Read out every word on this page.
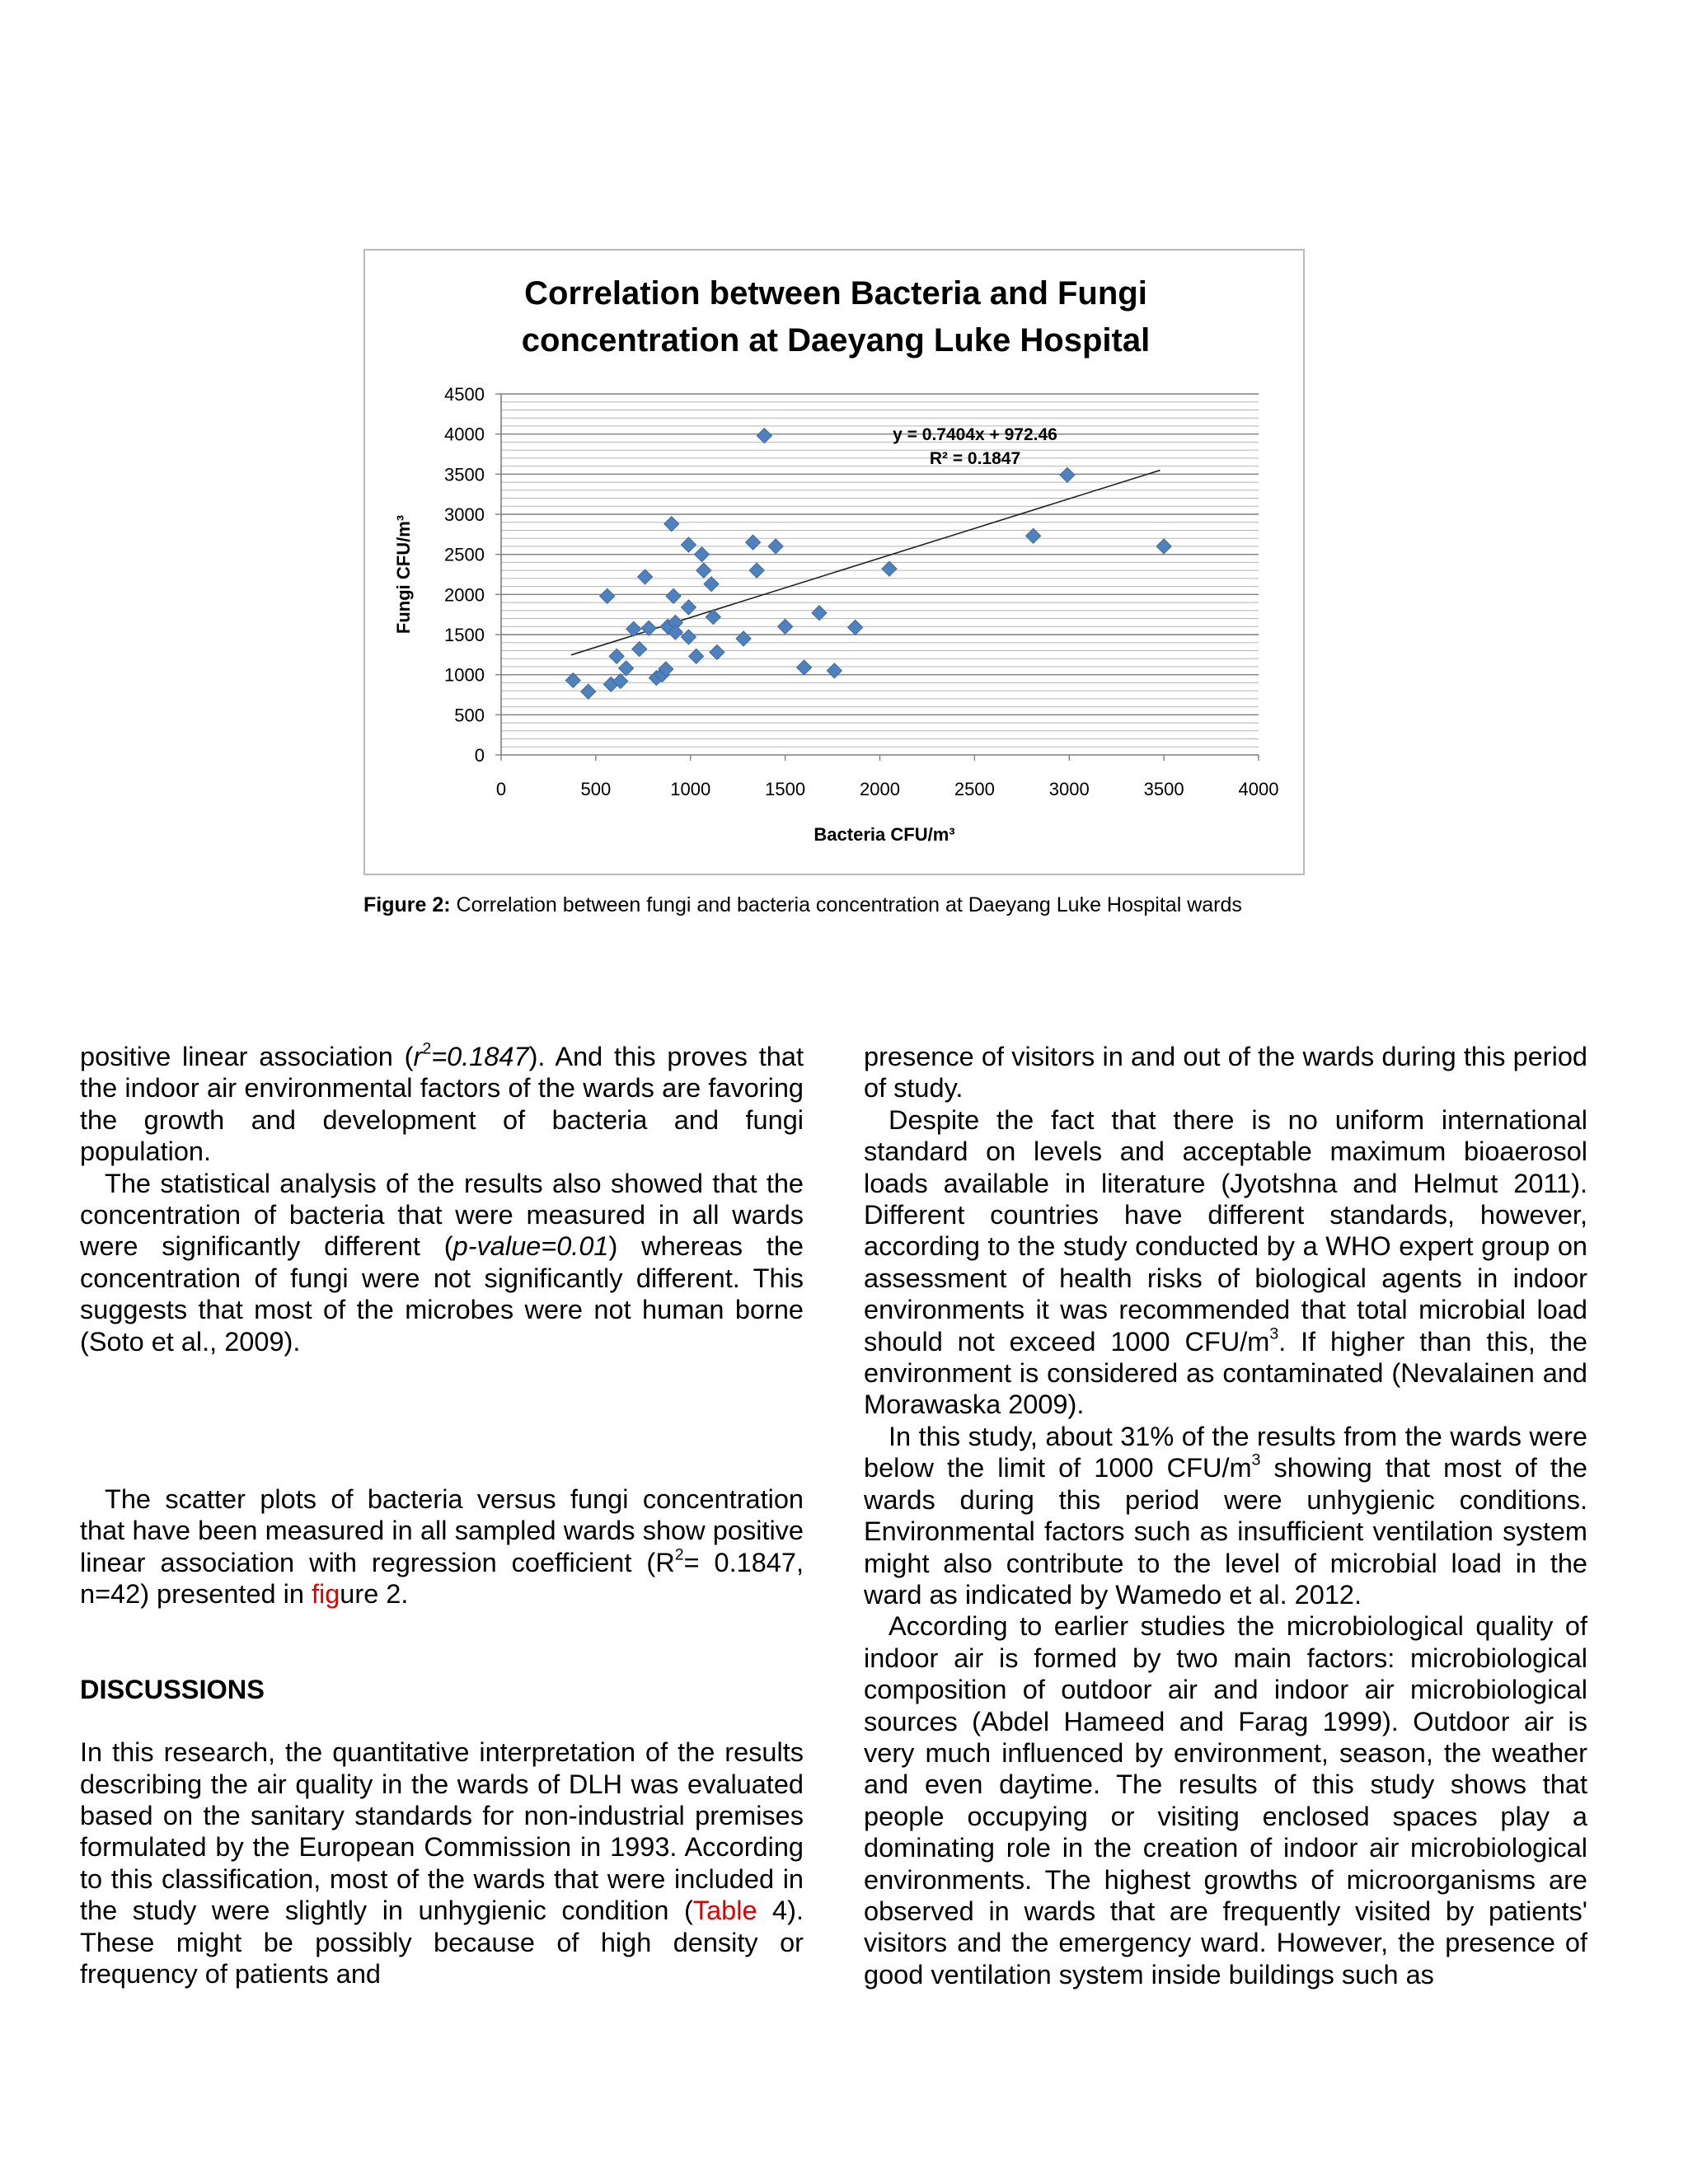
Correlation between Bacteria and Fungi
concentration at Daeyang Luke Hospital
0
500
1000
1500
2000
2500
3000
3500
4000
4500
0	500	1000	1500	2000	2500	3000	3500	4000
y = 0.7404x + 972.46
R² = 0.1847
Bacteria CFU/m³
Fungi CFU/m³
Figure 2: Correlation between fungi and bacteria concentration at Daeyang Luke Hospital wards

positive linear association $(r^2=0.1847)$. And this proves that the indoor air environmental factors of the wards are favoring the growth and development of bacteria and fungi population.

The statistical analysis of the results also showed that the concentration of bacteria that were measured in all wards were significantly different (p-value=0.01) whereas the concentration of fungi were not significantly different. This suggests that most of the microbes were not human borne (Soto et al., 2009).

The scatter plots of bacteria versus fungi concentration that have been measured in all sampled wards show positive linear association with regression coefficient ($R^2= 0.1847$, n=42) presented in figure 2.

DISCUSSIONS

In this research, the quantitative interpretation of the results describing the air quality in the wards of DLH was evaluated based on the sanitary standards for non-industrial premises formulated by the European Commission in 1993. According to this classification, most of the wards that were included in the study were slightly in unhygienic condition (Table 4). These might be possibly because of high density or frequency of patients and

presence of visitors in and out of the wards during this period of study.

Despite the fact that there is no uniform international standard on levels and acceptable maximum bioaerosol loads available in literature (Jyotshna and Helmut 2011). Different countries have different standards, however, according to the study conducted by a WHO expert group on assessment of health risks of biological agents in indoor environments it was recommended that total microbial load should not exceed 1000 CFU/$m^3$. If higher than this, the environment is considered as contaminated (Nevalainen and Morawaska 2009).

In this study, about 31% of the results from the wards were below the limit of 1000 CFU/$m^3$ showing that most of the wards during this period were unhygienic conditions. Environmental factors such as insufficient ventilation system might also contribute to the level of microbial load in the ward as indicated by Wamedo et al. 2012.

According to earlier studies the microbiological quality of indoor air is formed by two main factors: microbiological composition of outdoor air and indoor air microbiological sources (Abdel Hameed and Farag 1999). Outdoor air is very much influenced by environment, season, the weather and even daytime. The results of this study shows that people occupying or visiting enclosed spaces play a dominating role in the creation of indoor air microbiological environments. The highest growths of microorganisms are observed in wards that are frequently visited by patients' visitors and the emergency ward. However, the presence of good ventilation system inside buildings such as
